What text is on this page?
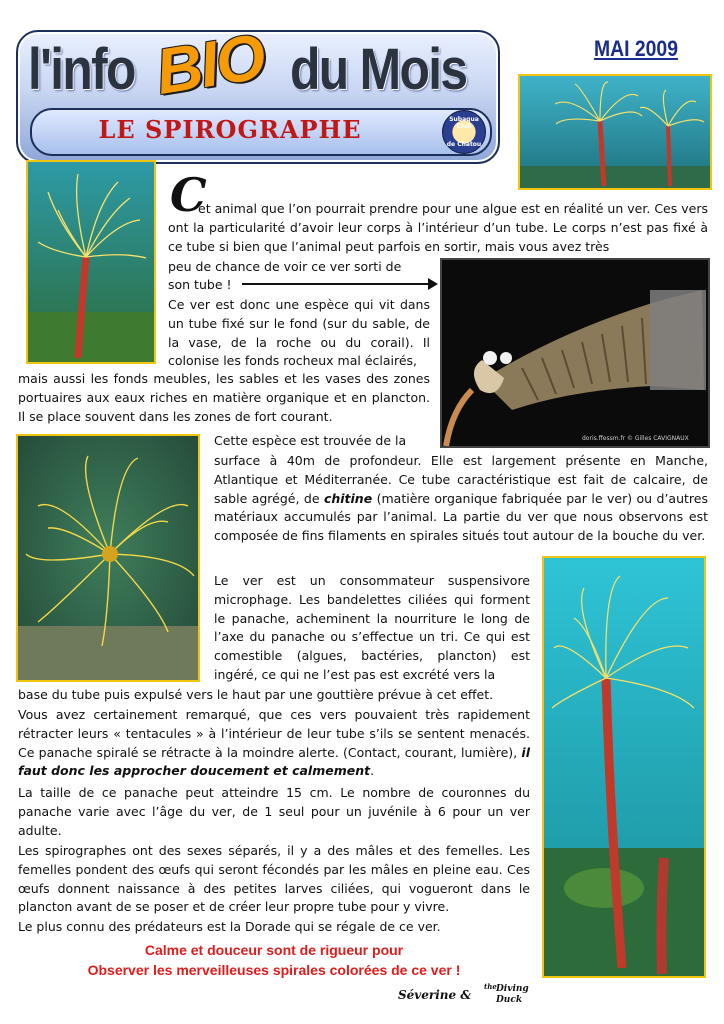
l'info BIO du Mois
LE SPIROGRAPHE	Subaqua Club
de Chatou
MAI 2009
doris.ffessm.fr © Gilles CAVIGNAUX
C
et animal que l’on pourrait prendre pour une algue est en réalité un ver. Ces vers ont la particularité d’avoir leur corps à l’intérieur d’un tube. Le corps n’est pas fixé à ce tube si bien que l’animal peut parfois en sortir, mais vous avez très
peu de chance de voir ce ver sorti de
son tube !
Ce ver est donc une espèce qui vit dans un tube fixé sur le fond (sur du sable, de la vase, de la roche ou du corail). Il colonise les fonds rocheux mal éclairés,
mais aussi les fonds meubles, les sables et les vases des zones portuaires aux eaux riches en matière organique et en plancton. Il se place souvent dans les zones de fort courant.
Cette espèce est trouvée de la
surface à 40m de profondeur. Elle est largement présente en Manche, Atlantique et Méditerranée. Ce tube caractéristique est fait de calcaire, de sable agrégé, de chitine (matière organique fabriquée par le ver) ou d’autres matériaux accumulés par l’animal. La partie du ver que nous observons est composée de fins filaments en spirales situés tout autour de la bouche du ver.
Le ver est un consommateur suspensivore microphage. Les bandelettes ciliées qui forment le panache, acheminent la nourriture le long de l’axe du panache ou s’effectue un tri. Ce qui est comestible (algues, bactéries, plancton) est ingéré, ce qui ne l’est pas est excrété vers la
base du tube puis expulsé vers le haut par une gouttière prévue à cet effet.
Vous avez certainement remarqué, que ces vers pouvaient très rapidement rétracter leurs « tentacules » à l’intérieur de leur tube s’ils se sentent menacés. Ce panache spiralé se rétracte à la moindre alerte. (Contact, courant, lumière), il faut donc les approcher doucement et calmement.
La taille de ce panache peut atteindre 15 cm. Le nombre de couronnes du panache varie avec l’âge du ver, de 1 seul pour un juvénile à 6 pour un ver adulte.
Les spirographes ont des sexes séparés, il y a des mâles et des femelles. Les femelles pondent des œufs qui seront fécondés par les mâles en pleine eau. Ces œufs donnent naissance à des petites larves ciliées, qui vogueront dans le plancton avant de se poser et de créer leur propre tube pour y vivre.
Le plus connu des prédateurs est la Dorade qui se régale de ce ver.
Calme et douceur sont de rigueur pour
Observer les merveilleuses spirales colorées de ce ver !
Séverine &
the Diving
Duck
